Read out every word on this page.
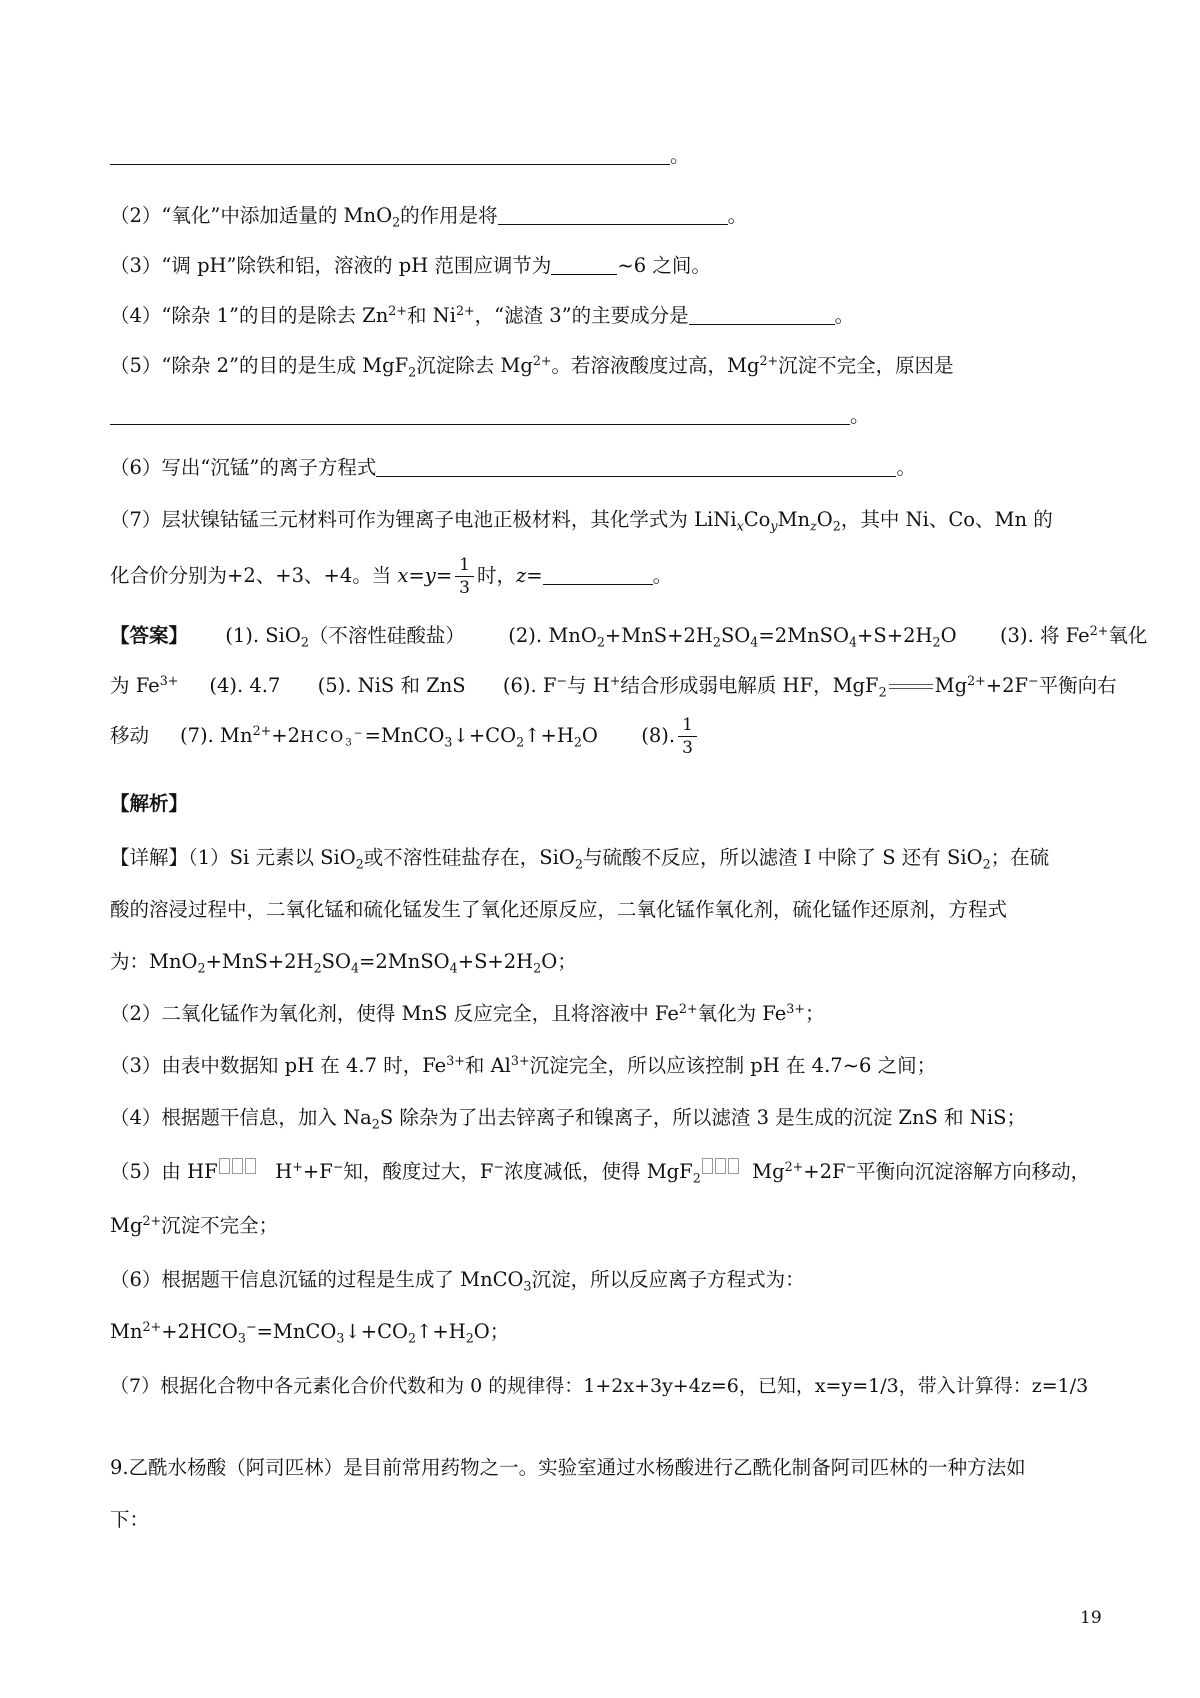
。
（2）“氧化”中添加适量的 MnO$_2$的作用是将	。
（3）“调 pH”除铁和铝，溶液的 pH 范围应调节为	~6 之间。
（4）“除杂 1”的目的是除去 $Zn^{2+}$和 $Ni^{2+}$，“滤渣 3”的主要成分是	。
（5）“除杂 2”的目的是生成 MgF$_2$沉淀除去 $Mg^{2+}$。若溶液酸度过高，$Mg^{2+}$沉淀不完全，原因是
。
（6）写出“沉锰”的离子方程式	。
（7）层状镍钴锰三元材料可作为锂离子电池正极材料，其化学式为 $LiNi_xCo_yMn_zO_2$，其中 Ni、Co、Mn 的
化合价分别为+2、+3、+4。当 $x=y= \frac{1}{3}$ 时，z=	。
【答案】 (1). SiO$_2$（不溶性硅酸盐） (2). $MnO_2+MnS+2H_2SO_4=2MnSO_4+S+2H_2O$ (3). 将 $Fe^{2+}$氧化
为 $Fe^{3+}$ (4). 4.7 (5). NiS 和 ZnS (6). F−与 H+结合形成弱电解质 HF，MgF$_2$ $Mg^{2+}+2F^-$平衡向右
移动 (7). $Mn^{2+}+2HCO_3^-=MnCO_3↓+CO_2↑+H_2O$ (8). $\frac{1}{3}$
【解析】
【详解】（1）Si 元素以 SiO$_2$或不溶性硅盐存在，SiO$_2$与硫酸不反应，所以滤渣 I 中除了 S 还有 SiO$_2$；在硫
酸的溶浸过程中，二氧化锰和硫化锰发生了氧化还原反应，二氧化锰作氧化剂，硫化锰作还原剂，方程式
为：$MnO_2+MnS+2H_2SO_4=2MnSO_4+S+2H_2O$；
（2）二氧化锰作为氧化剂，使得 MnS 反应完全，且将溶液中 $Fe^{2+}$氧化为 $Fe^{3+}$；
（3）由表中数据知 pH 在 4.7 时，$Fe^{3+}$和 $Al^{3+}$沉淀完全，所以应该控制 pH 在 4.7~6 之间；
（4）根据题干信息，加入 $Na_2S$ 除杂为了出去锌离子和镍离子，所以滤渣 3 是生成的沉淀 ZnS 和 NiS；
（5）由 HF	H++F−知，酸度过大，F−浓度减低，使得 MgF$_2$	$Mg^{2+}+2F^-$平衡向沉淀溶解方向移动，
$Mg^{2+}$沉淀不完全；
（6）根据题干信息沉锰的过程是生成了 MnCO$_3$沉淀，所以反应离子方程式为：
$Mn^{2+}+2HCO_3^-=MnCO_3↓+CO_2↑+H_2O$；
（7）根据化合物中各元素化合价代数和为 0 的规律得：1+2x+3y+4z=6，已知，x=y=1/3，带入计算得：z=1/3
9.乙酰水杨酸（阿司匹林）是目前常用药物之一。实验室通过水杨酸进行乙酰化制备阿司匹林的一种方法如
下：
19
